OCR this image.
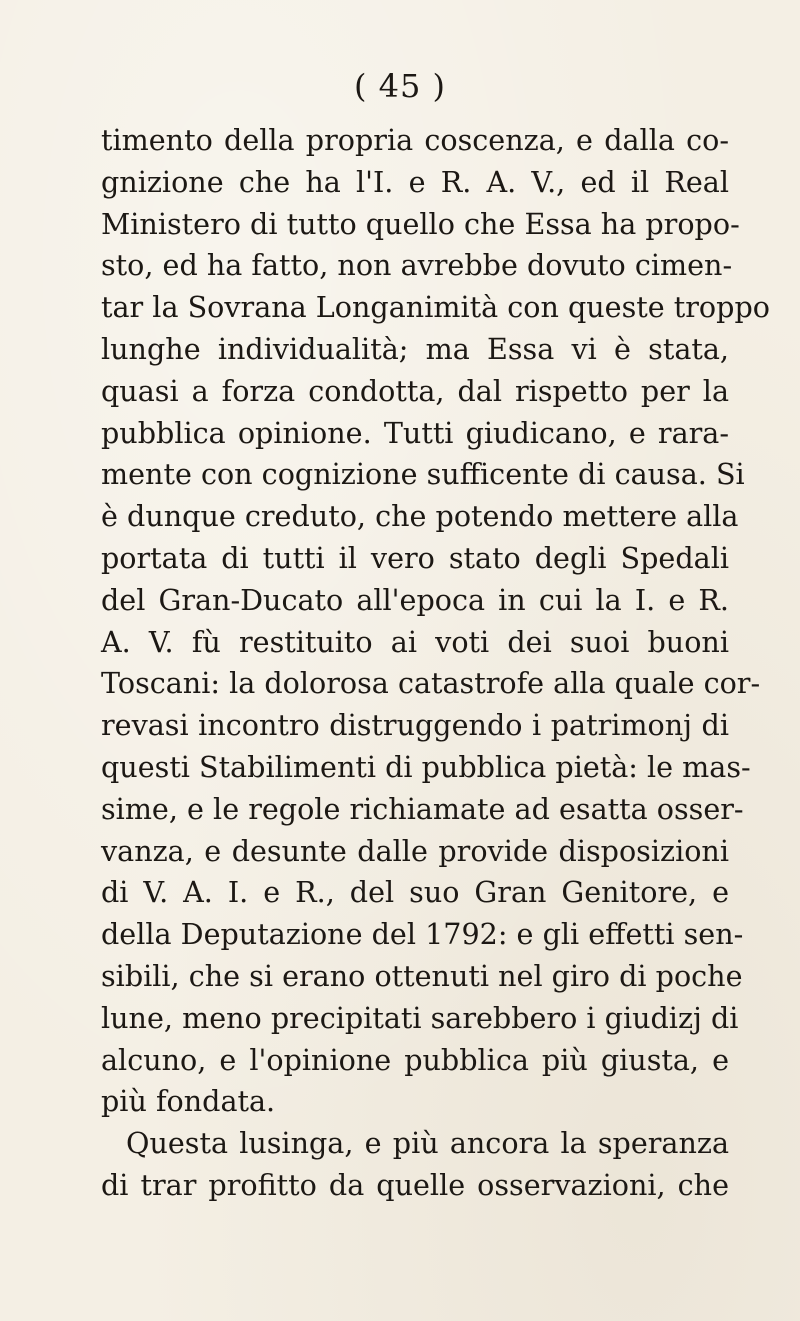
( 45 )
timento della propria coscenza, e dalla co-
gnizione che ha l'I. e R. A. V., ed il Real
Ministero di tutto quello che Essa ha propo-
sto, ed ha fatto, non avrebbe dovuto cimen-
tar la Sovrana Longanimità con queste troppo
lunghe individualità; ma Essa vi è stata,
quasi a forza condotta, dal rispetto per la
pubblica opinione. Tutti giudicano, e rara-
mente con cognizione sufficente di causa. Si
è dunque creduto, che potendo mettere alla
portata di tutti il vero stato degli Spedali
del Gran-Ducato all'epoca in cui la I. e R.
A. V. fù restituito ai voti dei suoi buoni
Toscani: la dolorosa catastrofe alla quale cor-
revasi incontro distruggendo i patrimonj di
questi Stabilimenti di pubblica pietà: le mas-
sime, e le regole richiamate ad esatta osser-
vanza, e desunte dalle provide disposizioni
di V. A. I. e R., del suo Gran Genitore, e
della Deputazione del 1792: e gli effetti sen-
sibili, che si erano ottenuti nel giro di poche
lune, meno precipitati sarebbero i giudizj di
alcuno, e l'opinione pubblica più giusta, e
più fondata.
Questa lusinga, e più ancora la speranza
di trar profitto da quelle osservazioni, che
